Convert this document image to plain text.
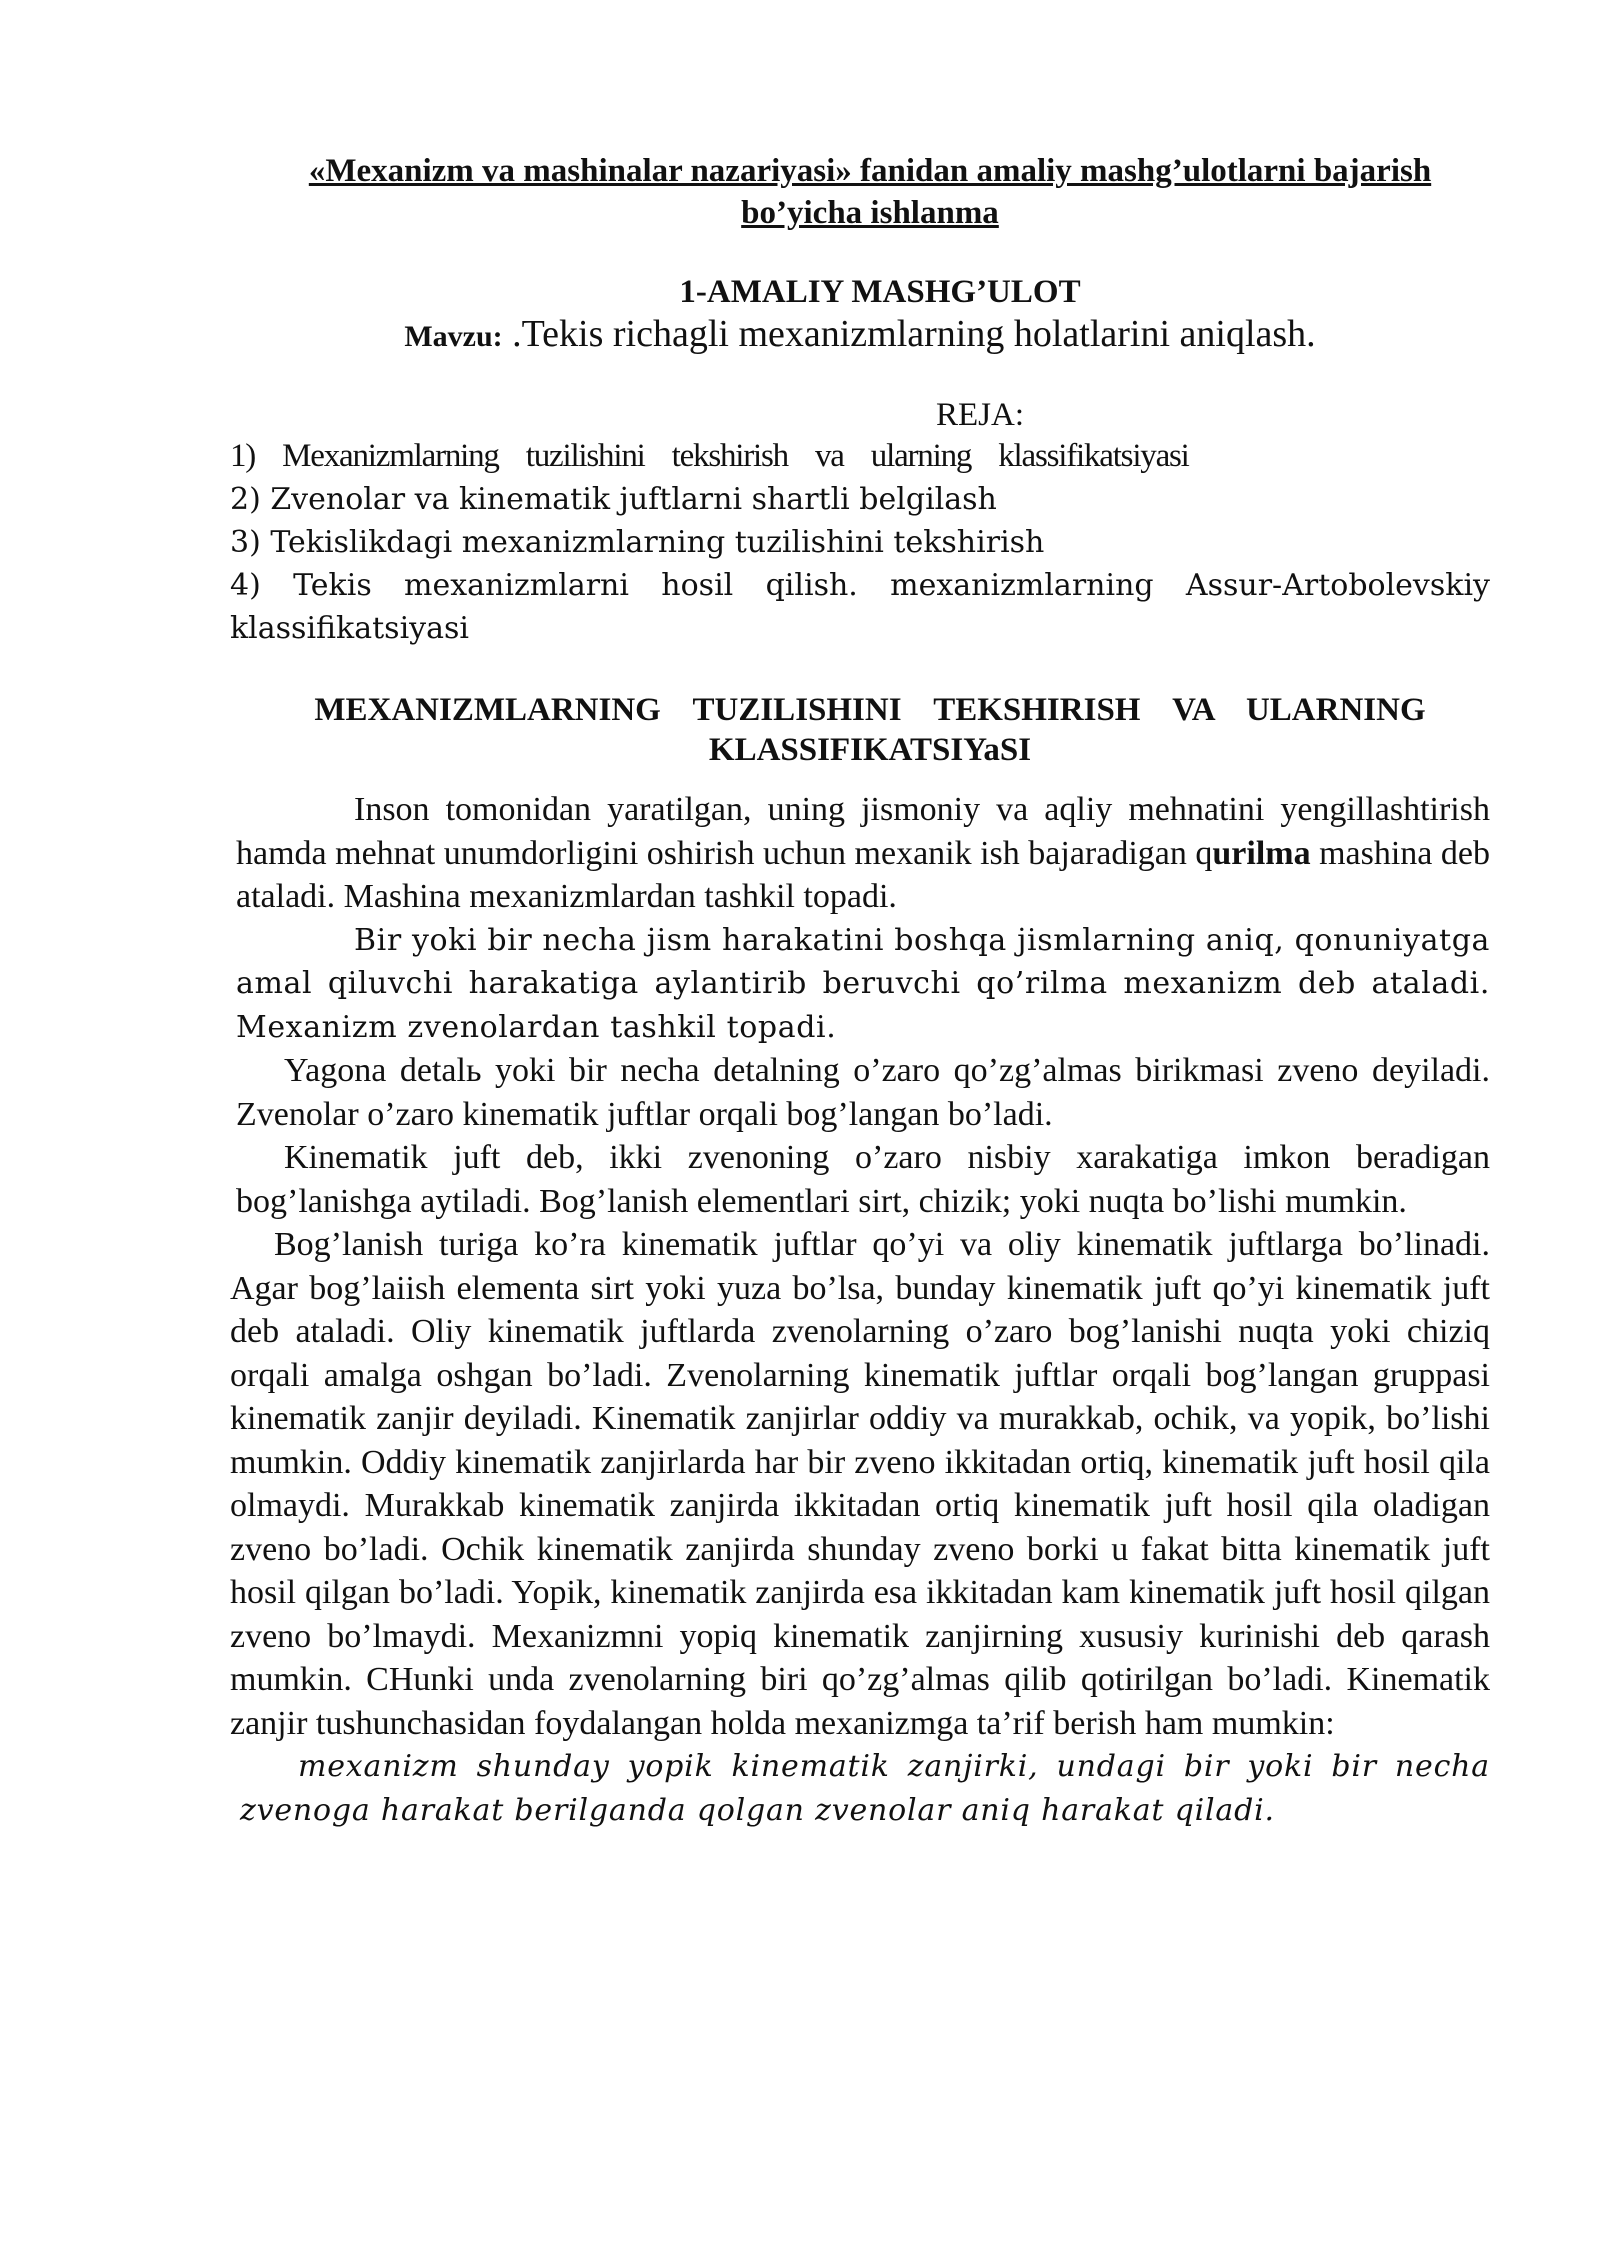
«Mexanizm va mashinalar nazariyasi» fanidan amaliy mashg’ulotlarni bajarish bo’yicha ishlanma
1-AMALIY MASHG’ULOT

Mavzu: .Tekis richagli mexanizmlarning holatlarini aniqlash.

REJA:
1) Mexanizmlarning tuzilishini tekshirish va ularning klassifikatsiyasi
2) Zvenolar va kinematik juftlarni shartli belgilash
3) Tekislikdagi mexanizmlarning tuzilishini tekshirish
4) Tekis mexanizmlarni hosil qilish. mexanizmlarning Assur-Artobolevskiy klassifikatsiyasi
MEXANIZMLARNING TUZILISHINI TEKSHIRISH VA ULARNING KLASSIFIKATSIYaSI

Inson tomonidan yaratilgan, uning jismoniy va aqliy mehnatini yengillashtirish hamda mehnat unumdorligini oshirish uchun mexanik ish bajaradigan qurilma mashina deb ataladi. Mashina mexanizmlardan tashkil topadi.

Bir yoki bir necha jism harakatini boshqa jismlarning aniq, qonuniyatga amal qiluvchi harakatiga aylantirib beruvchi qo’rilma mexanizm deb ataladi. Mexanizm zvenolardan tashkil topadi.

Yagona detalь yoki bir necha detalning o’zaro qo’zg’almas birikmasi zveno deyiladi. Zvenolar o’zaro kinematik juftlar orqali bog’langan bo’ladi.

Kinematik juft deb, ikki zvenoning o’zaro nisbiy xarakatiga imkon beradigan bog’lanishga aytiladi. Bog’lanish elementlari sirt, chizik; yoki nuqta bo’lishi mumkin.

Bog’lanish turiga ko’ra kinematik juftlar qo’yi va oliy kinematik juftlarga bo’linadi. Agar bog’laiish elementa sirt yoki yuza bo’lsa, bunday kinematik juft qo’yi kinematik juft deb ataladi. Oliy kinematik juftlarda zvenolarning o’zaro bog’lanishi nuqta yoki chiziq orqali amalga oshgan bo’ladi. Zvenolarning kinematik juftlar orqali bog’langan gruppasi kinematik zanjir deyiladi. Kinematik zanjirlar oddiy va murakkab, ochik, va yopik, bo’lishi mumkin. Oddiy kinematik zanjirlarda har bir zveno ikkitadan ortiq, kinematik juft hosil qila olmaydi. Murakkab kinematik zanjirda ikkitadan ortiq kinematik juft hosil qila oladigan zveno bo’ladi. Ochik kinematik zanjirda shunday zveno borki u fakat bitta kinematik juft hosil qilgan bo’ladi. Yopik, kinematik zanjirda esa ikkitadan kam kinematik juft hosil qilgan zveno bo’lmaydi. Mexanizmni yopiq kinematik zanjirning xususiy kurinishi deb qarash mumkin. CHunki unda zvenolarning biri qo’zg’almas qilib qotirilgan bo’ladi. Kinematik zanjir tushunchasidan foydalangan holda mexanizmga ta’rif berish ham mumkin:

mexanizm shunday yopik kinematik zanjirki, undagi bir yoki bir necha zvenoga harakat berilganda qolgan zvenolar aniq harakat qiladi.
